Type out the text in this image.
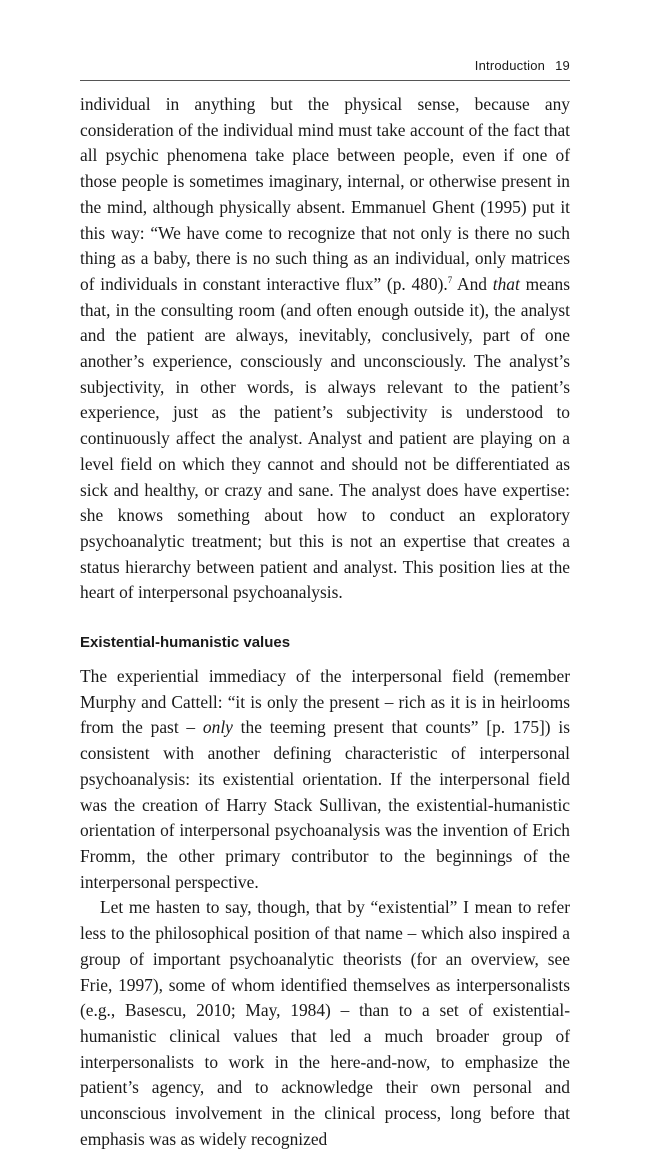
Introduction 19

individual in anything but the physical sense, because any consideration of the individual mind must take account of the fact that all psychic phenomena take place between people, even if one of those people is sometimes imaginary, internal, or otherwise present in the mind, although physically absent. Emmanuel Ghent (1995) put it this way: “We have come to recognize that not only is there no such thing as a baby, there is no such thing as an individual, only matrices of individuals in constant interactive flux” (p. 480).$^7$ And that means that, in the consulting room (and often enough outside it), the analyst and the patient are always, inevitably, conclusively, part of one another’s experience, consciously and unconsciously. The analyst’s subjectivity, in other words, is always relevant to the patient’s experience, just as the patient’s subjectivity is understood to continuously affect the analyst. Analyst and patient are playing on a level field on which they cannot and should not be differentiated as sick and healthy, or crazy and sane. The analyst does have expertise: she knows something about how to conduct an exploratory psychoanalytic treatment; but this is not an expertise that creates a status hierarchy between patient and analyst. This position lies at the heart of interpersonal psychoanalysis.

Existential-humanistic values

The experiential immediacy of the interpersonal field (remember Murphy and Cattell: “it is only the present – rich as it is in heirlooms from the past – only the teeming present that counts” [p. 175]) is consistent with another defining characteristic of interpersonal psychoanalysis: its existential orientation. If the interpersonal field was the creation of Harry Stack Sullivan, the existential-humanistic orientation of interpersonal psychoanalysis was the invention of Erich Fromm, the other primary contributor to the beginnings of the interpersonal perspective.

Let me hasten to say, though, that by “existential” I mean to refer less to the philosophical position of that name – which also inspired a group of important psychoanalytic theorists (for an overview, see Frie, 1997), some of whom identified themselves as interpersonalists (e.g., Basescu, 2010; May, 1984) – than to a set of existential-humanistic clinical values that led a much broader group of interpersonalists to work in the here-and-now, to emphasize the patient’s agency, and to acknowledge their own personal and unconscious involvement in the clinical process, long before that emphasis was as widely recognized
